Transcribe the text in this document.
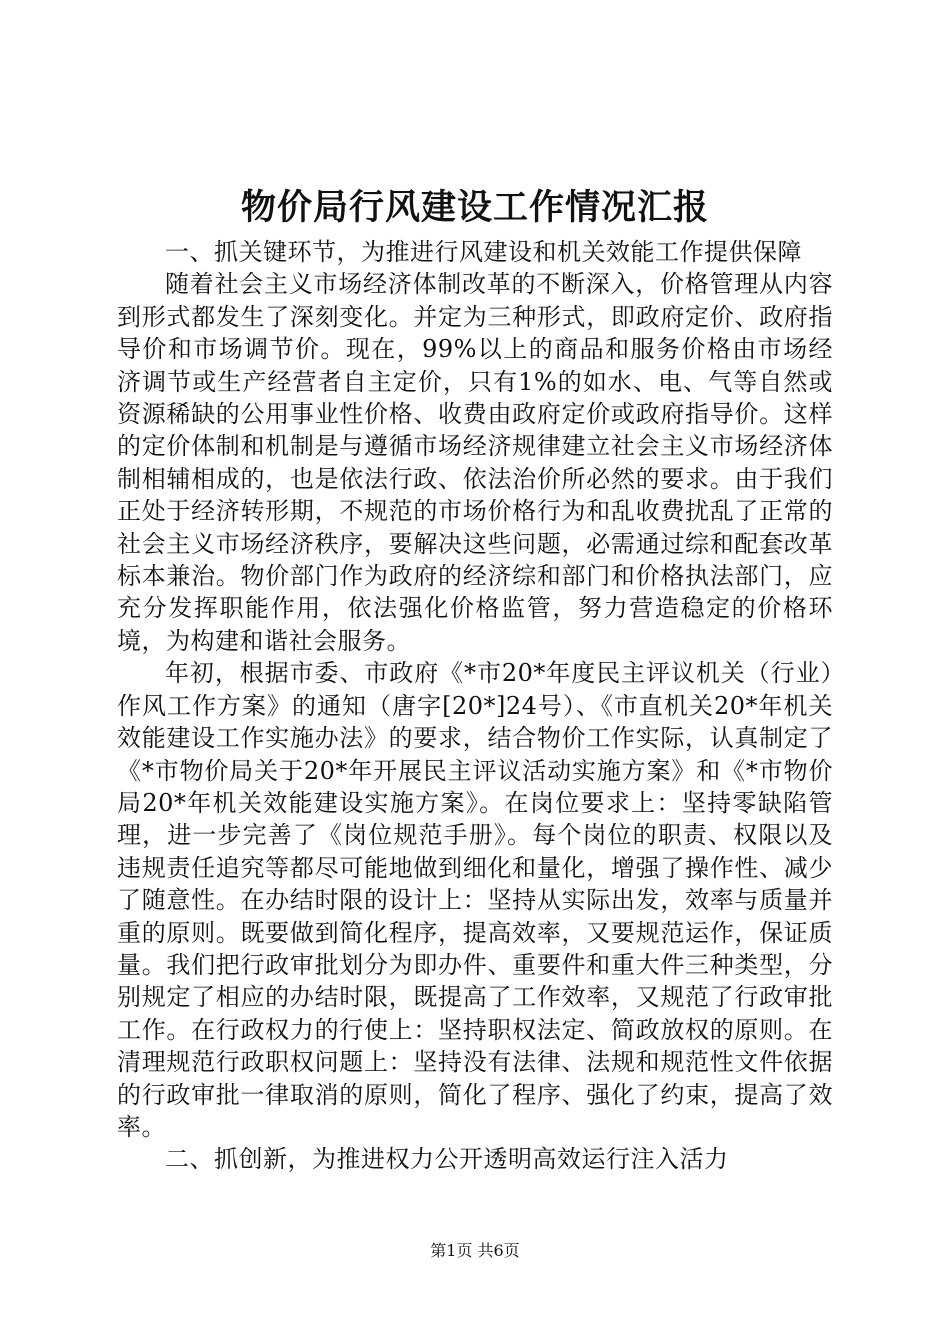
物价局行风建设工作情况汇报

一、抓关键环节，为推进行风建设和机关效能工作提供保障

随着社会主义市场经济体制改革的不断深入，价格管理从内容到形式都发生了深刻变化。并定为三种形式，即政府定价、政府指导价和市场调节价。现在，99%以上的商品和服务价格由市场经济调节或生产经营者自主定价，只有1%的如水、电、气等自然或资源稀缺的公用事业性价格、收费由政府定价或政府指导价。这样的定价体制和机制是与遵循市场经济规律建立社会主义市场经济体制相辅相成的，也是依法行政、依法治价所必然的要求。由于我们正处于经济转形期，不规范的市场价格行为和乱收费扰乱了正常的社会主义市场经济秩序，要解决这些问题，必需通过综和配套改革标本兼治。物价部门作为政府的经济综和部门和价格执法部门，应充分发挥职能作用，依法强化价格监管，努力营造稳定的价格环境，为构建和谐社会服务。

年初，根据市委、市政府《*市20*年度民主评议机关（行业）作风工作方案》的通知（唐字[20*]24号）、《市直机关20*年机关效能建设工作实施办法》的要求，结合物价工作实际，认真制定了《*市物价局关于20*年开展民主评议活动实施方案》和《*市物价局20*年机关效能建设实施方案》。在岗位要求上：坚持零缺陷管理，进一步完善了《岗位规范手册》。每个岗位的职责、权限以及违规责任追究等都尽可能地做到细化和量化，增强了操作性、减少了随意性。在办结时限的设计上：坚持从实际出发，效率与质量并重的原则。既要做到简化程序，提高效率，又要规范运作，保证质量。我们把行政审批划分为即办件、重要件和重大件三种类型，分别规定了相应的办结时限，既提高了工作效率，又规范了行政审批工作。在行政权力的行使上：坚持职权法定、简政放权的原则。在清理规范行政职权问题上：坚持没有法律、法规和规范性文件依据的行政审批一律取消的原则，简化了程序、强化了约束，提高了效率。

二、抓创新，为推进权力公开透明高效运行注入活力

第1页 共6页
